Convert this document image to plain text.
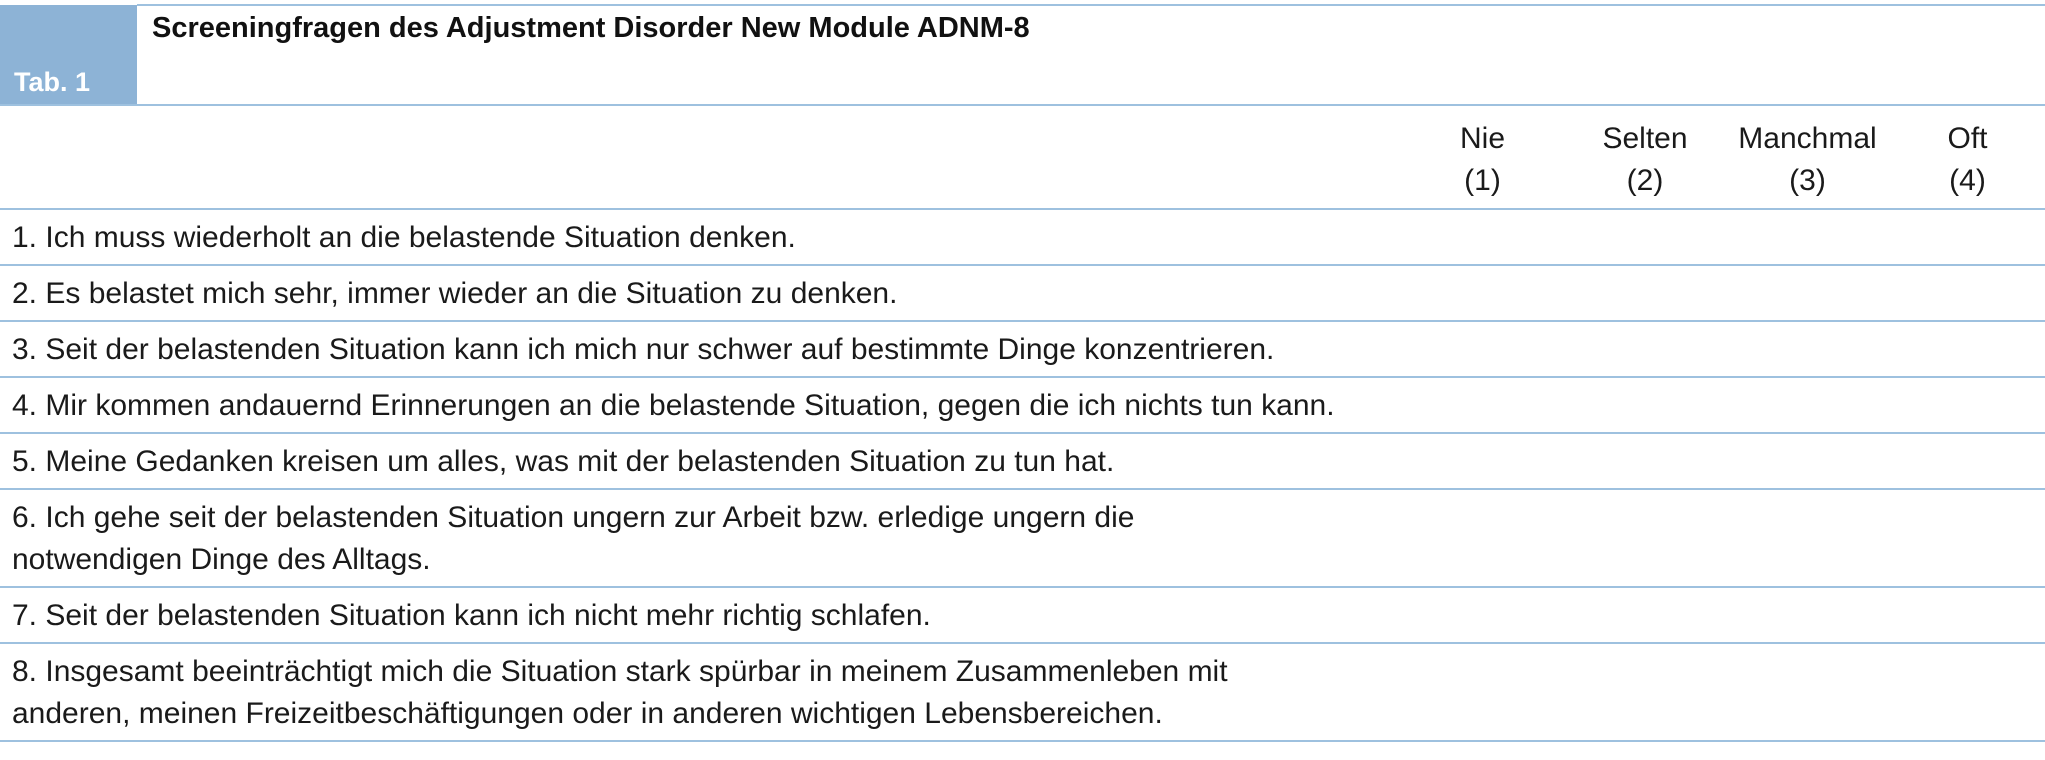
Tab. 1
Screeningfragen des Adjustment Disorder New Module ADNM-8
Nie
(1)
Selten
(2)
Manchmal
(3)
Oft
(4)
1. Ich muss wiederholt an die belastende Situation denken.
2. Es belastet mich sehr, immer wieder an die Situation zu denken.
3. Seit der belastenden Situation kann ich mich nur schwer auf bestimmte Dinge konzentrieren.
4. Mir kommen andauernd Erinnerungen an die belastende Situation, gegen die ich nichts tun kann.
5. Meine Gedanken kreisen um alles, was mit der belastenden Situation zu tun hat.
6. Ich gehe seit der belastenden Situation ungern zur Arbeit bzw. erledige ungern die
notwendigen Dinge des Alltags.
7. Seit der belastenden Situation kann ich nicht mehr richtig schlafen.
8. Insgesamt beeinträchtigt mich die Situation stark spürbar in meinem Zusammenleben mit
anderen, meinen Freizeitbeschäftigungen oder in anderen wichtigen Lebensbereichen.
